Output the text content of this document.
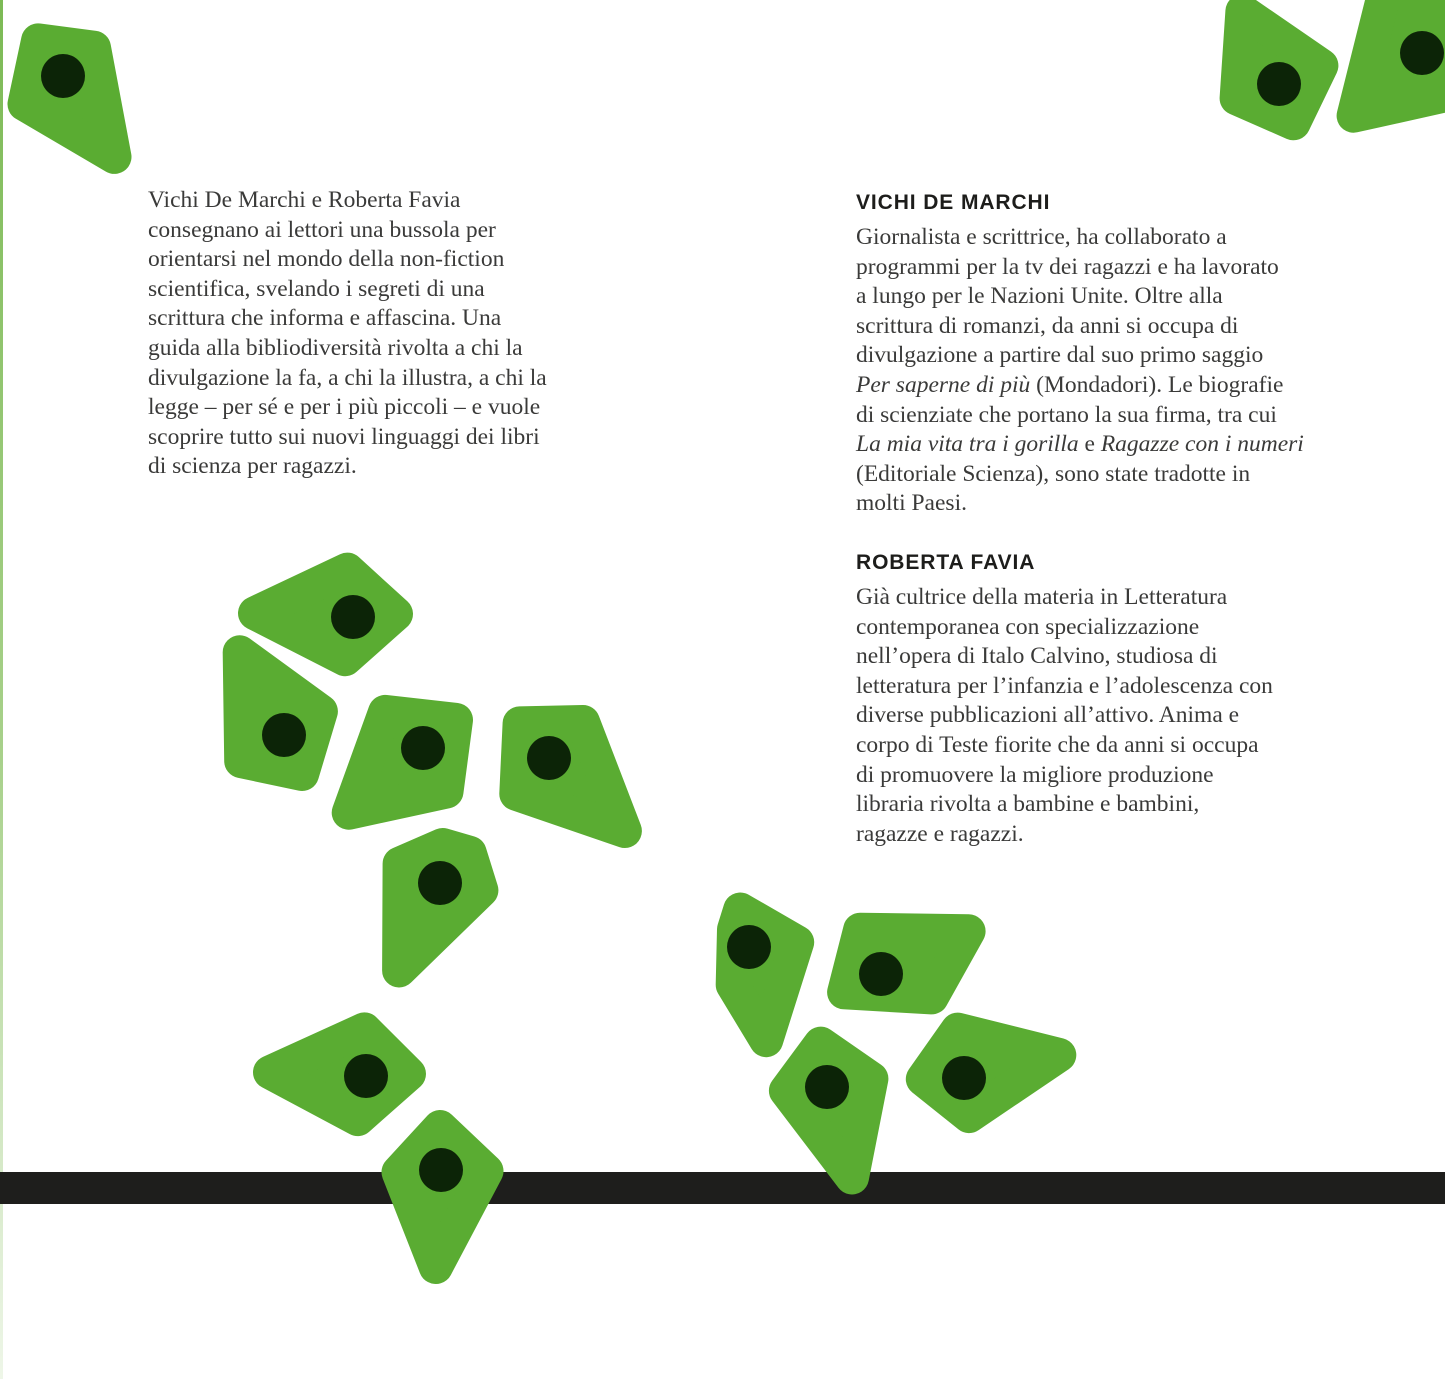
Vichi De Marchi e Roberta Favia
consegnano ai lettori una bussola per
orientarsi nel mondo della non-fiction
scientifica, svelando i segreti di una
scrittura che informa e affascina. Una
guida alla bibliodiversità rivolta a chi la
divulgazione la fa, a chi la illustra, a chi la
legge – per sé e per i più piccoli – e vuole
scoprire tutto sui nuovi linguaggi dei libri
di scienza per ragazzi.
VICHI DE MARCHI

Giornalista e scrittrice, ha collaborato a
programmi per la tv dei ragazzi e ha lavorato
a lungo per le Nazioni Unite. Oltre alla
scrittura di romanzi, da anni si occupa di
divulgazione a partire dal suo primo saggio
Per saperne di più (Mondadori). Le biografie
di scienziate che portano la sua firma, tra cui
La mia vita tra i gorilla e Ragazze con i numeri
(Editoriale Scienza), sono state tradotte in
molti Paesi.

ROBERTA FAVIA

Già cultrice della materia in Letteratura
contemporanea con specializzazione
nell’opera di Italo Calvino, studiosa di
letteratura per l’infanzia e l’adolescenza con
diverse pubblicazioni all’attivo. Anima e
corpo di Teste fiorite che da anni si occupa
di promuovere la migliore produzione
libraria rivolta a bambine e bambini,
ragazze e ragazzi.
